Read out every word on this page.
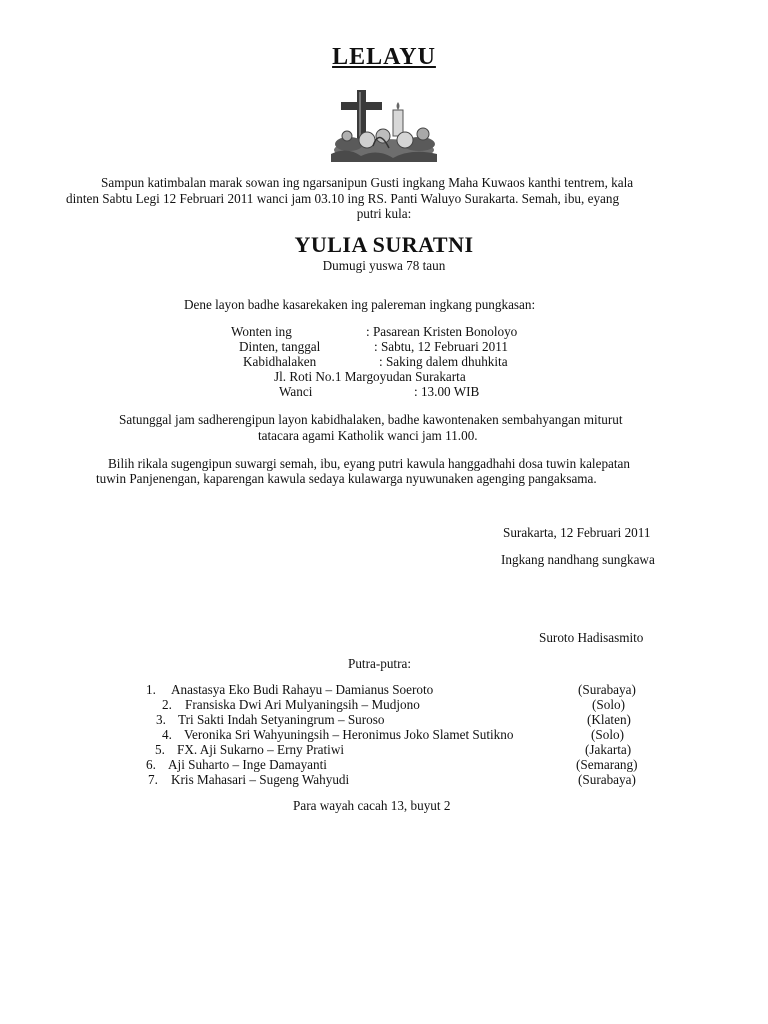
LELAYU
Sampun katimbalan marak sowan ing ngarsanipun Gusti ingkang Maha Kuwaos kanthi tentrem, kala
dinten Sabtu Legi 12 Februari 2011 wanci jam 03.10 ing RS. Panti Waluyo Surakarta. Semah, ibu, eyang
putri kula:
YULIA SURATNI
Dumugi yuswa 78 taun
Dene layon badhe kasarekaken ing palereman ingkang pungkasan:
Wonten ing	: Pasarean Kristen Bonoloyo
Dinten, tanggal	: Sabtu, 12 Februari 2011
Kabidhalaken	: Saking dalem dhuhkita
Jl. Roti No.1 Margoyudan Surakarta
Wanci	: 13.00 WIB
Satunggal jam sadherengipun layon kabidhalaken, badhe kawontenaken sembahyangan miturut
tatacara agami Katholik wanci jam 11.00.
Bilih rikala sugengipun suwargi semah, ibu, eyang putri kawula hanggadhahi dosa tuwin kalepatan
tuwin Panjenengan, kaparengan kawula sedaya kulawarga nyuwunaken agenging pangaksama.
Surakarta, 12 Februari 2011
Ingkang nandhang sungkawa
Suroto Hadisasmito
Putra-putra:
1. Anastasya Eko Budi Rahayu – Damianus Soeroto	(Surabaya)
2. Fransiska Dwi Ari Mulyaningsih – Mudjono	(Solo)
3. Tri Sakti Indah Setyaningrum – Suroso	(Klaten)
4. Veronika Sri Wahyuningsih – Heronimus Joko Slamet Sutikno	(Solo)
5. FX. Aji Sukarno – Erny Pratiwi	(Jakarta)
6. Aji Suharto – Inge Damayanti	(Semarang)
7. Kris Mahasari – Sugeng Wahyudi	(Surabaya)
Para wayah cacah 13, buyut 2
